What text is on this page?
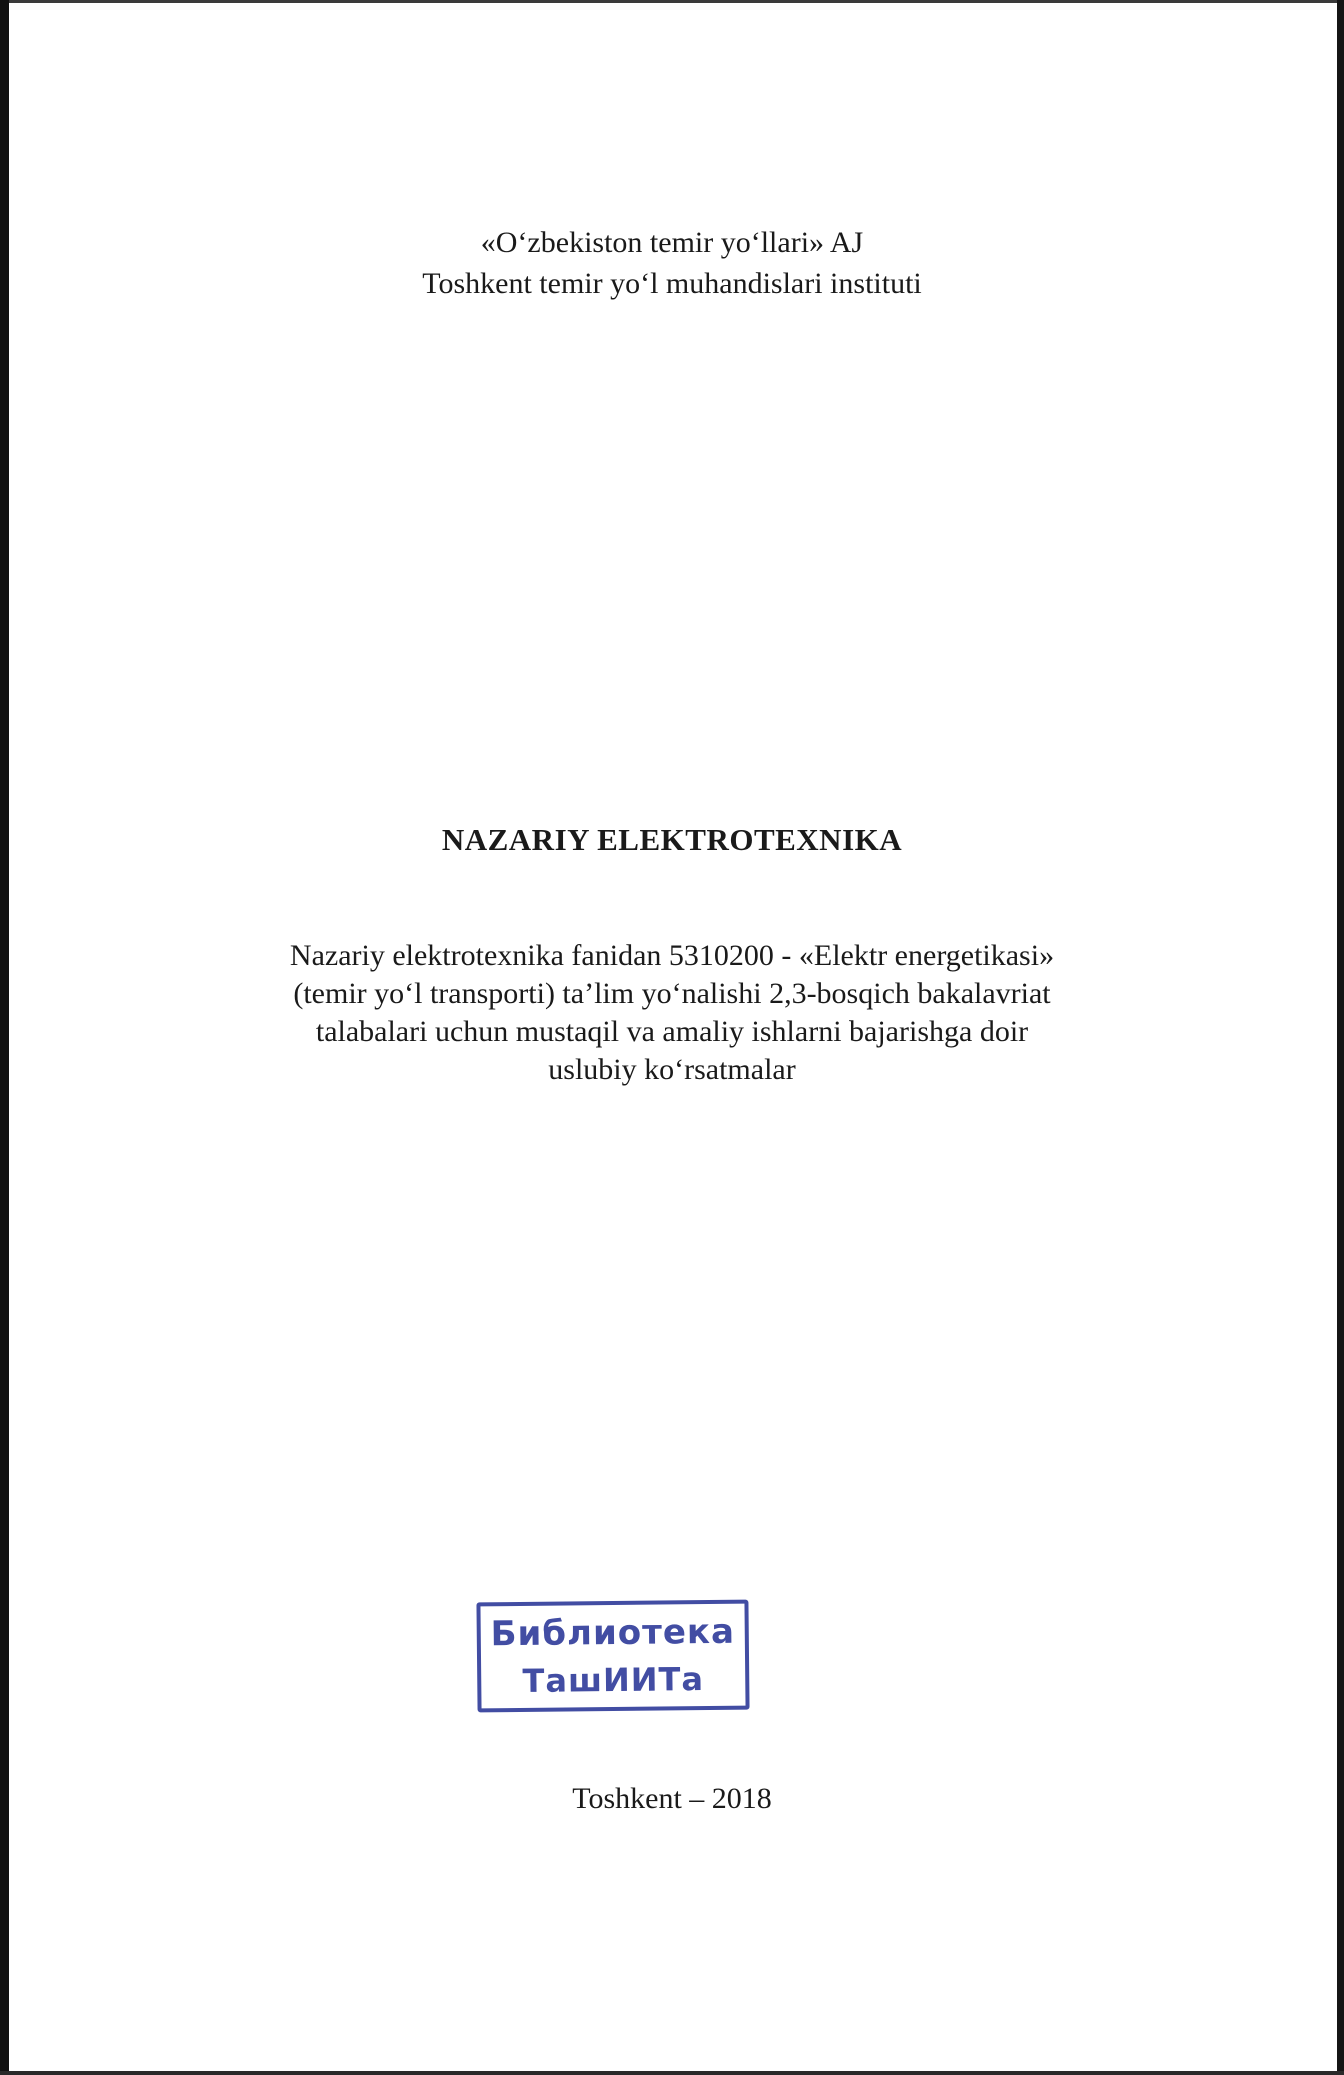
«O‘zbekiston temir yo‘llari» AJ
Toshkent temir yo‘l muhandislari instituti
NAZARIY ELEKTROTEXNIKA
Nazariy elektrotexnika fanidan 5310200 - «Elektr energetikasi»
(temir yo‘l transporti) ta’lim yo‘nalishi 2,3-bosqich bakalavriat
talabalari uchun mustaqil va amaliy ishlarni bajarishga doir
uslubiy ko‘rsatmalar
Библиотека
ТашИИТа
Toshkent – 2018
